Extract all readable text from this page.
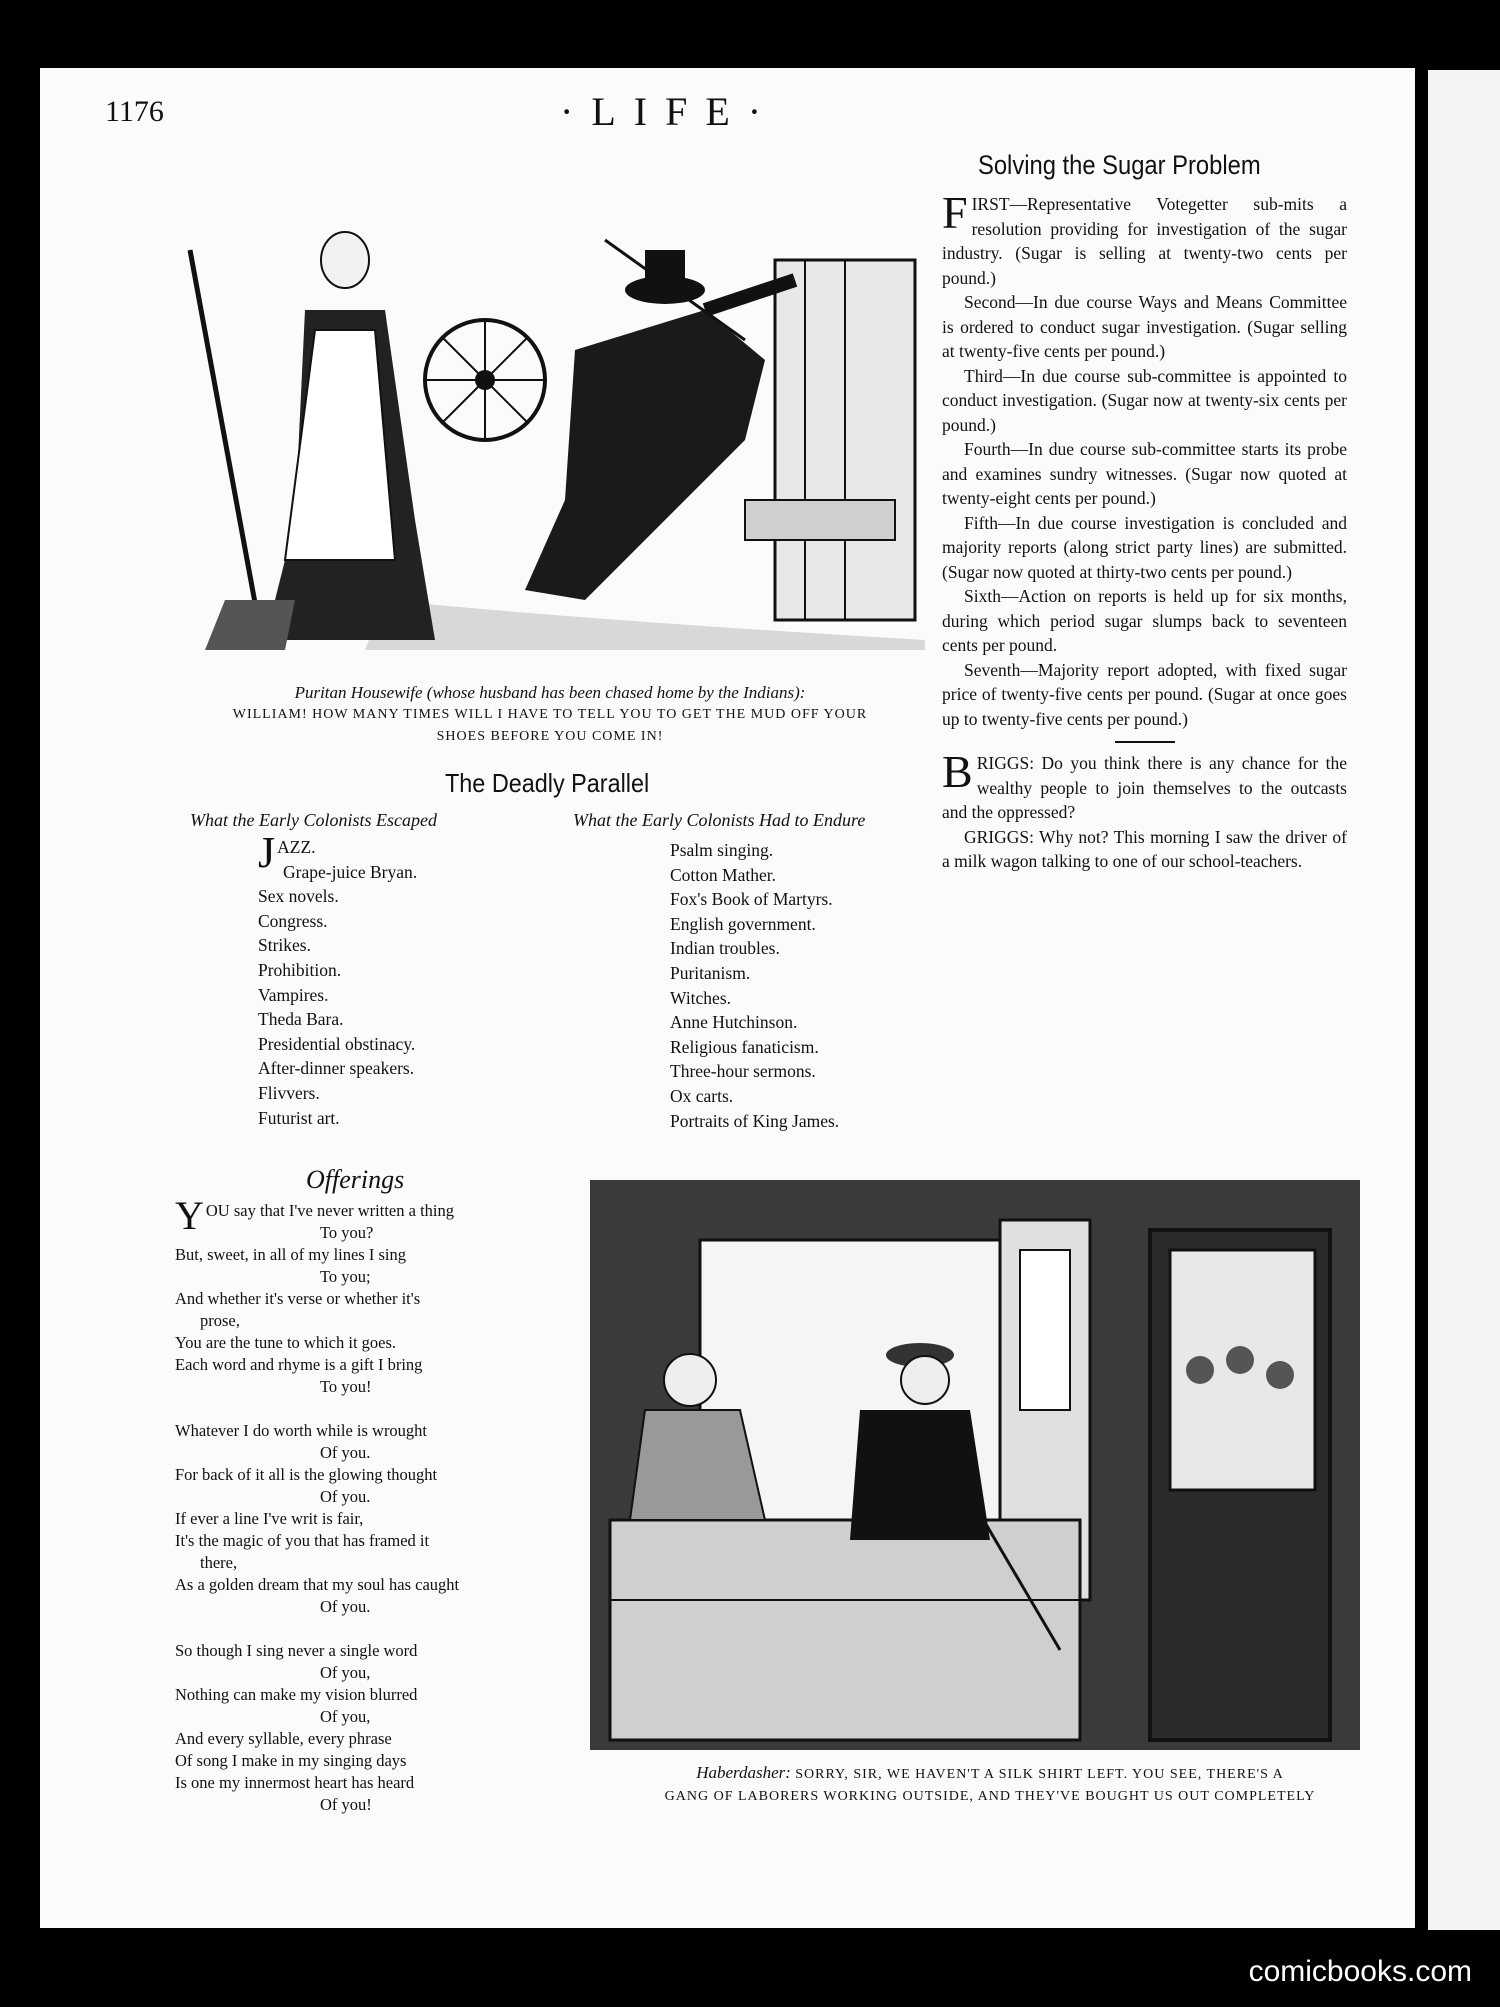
1176	·LIFE·
Puritan Housewife (whose husband has been chased home by the Indians):
WILLIAM! HOW MANY TIMES WILL I HAVE TO TELL YOU TO GET THE MUD OFF YOUR
SHOES BEFORE YOU COME IN!
Solving the Sugar Problem

FIRST—Representative Votegetter sub-mits a resolution providing for investigation of the sugar industry. (Sugar is selling at twenty-two cents per pound.)

Second—In due course Ways and Means Committee is ordered to conduct sugar investigation. (Sugar selling at twenty-five cents per pound.)

Third—In due course sub-committee is appointed to conduct investigation. (Sugar now at twenty-six cents per pound.)

Fourth—In due course sub-committee starts its probe and examines sundry witnesses. (Sugar now quoted at twenty-eight cents per pound.)

Fifth—In due course investigation is concluded and majority reports (along strict party lines) are submitted. (Sugar now quoted at thirty-two cents per pound.)

Sixth—Action on reports is held up for six months, during which period sugar slumps back to seventeen cents per pound.

Seventh—Majority report adopted, with fixed sugar price of twenty-five cents per pound. (Sugar at once goes up to twenty-five cents per pound.)

BRIGGS: Do you think there is any chance for the wealthy people to join themselves to the outcasts and the oppressed?

GRIGGS: Why not? This morning I saw the driver of a milk wagon talking to one of our school-teachers.

The Deadly Parallel
What the Early Colonists Escaped	What the Early Colonists Had to Endure
JAZZ.
Grape-juice Bryan.
Sex novels.
Congress.
Strikes.
Prohibition.
Vampires.
Theda Bara.
Presidential obstinacy.
After-dinner speakers.
Flivvers.
Futurist art.
Psalm singing.
Cotton Mather.
Fox's Book of Martyrs.
English government.
Indian troubles.
Puritanism.
Witches.
Anne Hutchinson.
Religious fanaticism.
Three-hour sermons.
Ox carts.
Portraits of King James.
Offerings
YOU say that I've never written a thing
To you?
But, sweet, in all of my lines I sing
To you;
And whether it's verse or whether it's
prose,
You are the tune to which it goes.
Each word and rhyme is a gift I bring
To you!
Whatever I do worth while is wrought
Of you.
For back of it all is the glowing thought
Of you.
If ever a line I've writ is fair,
It's the magic of you that has framed it
there,
As a golden dream that my soul has caught
Of you.
So though I sing never a single word
Of you,
Nothing can make my vision blurred
Of you,
And every syllable, every phrase
Of song I make in my singing days
Is one my innermost heart has heard
Of you!
Haberdasher: SORRY, SIR, WE HAVEN'T A SILK SHIRT LEFT. YOU SEE, THERE'S A
GANG OF LABORERS WORKING OUTSIDE, AND THEY'VE BOUGHT US OUT COMPLETELY
comicbooks.com
